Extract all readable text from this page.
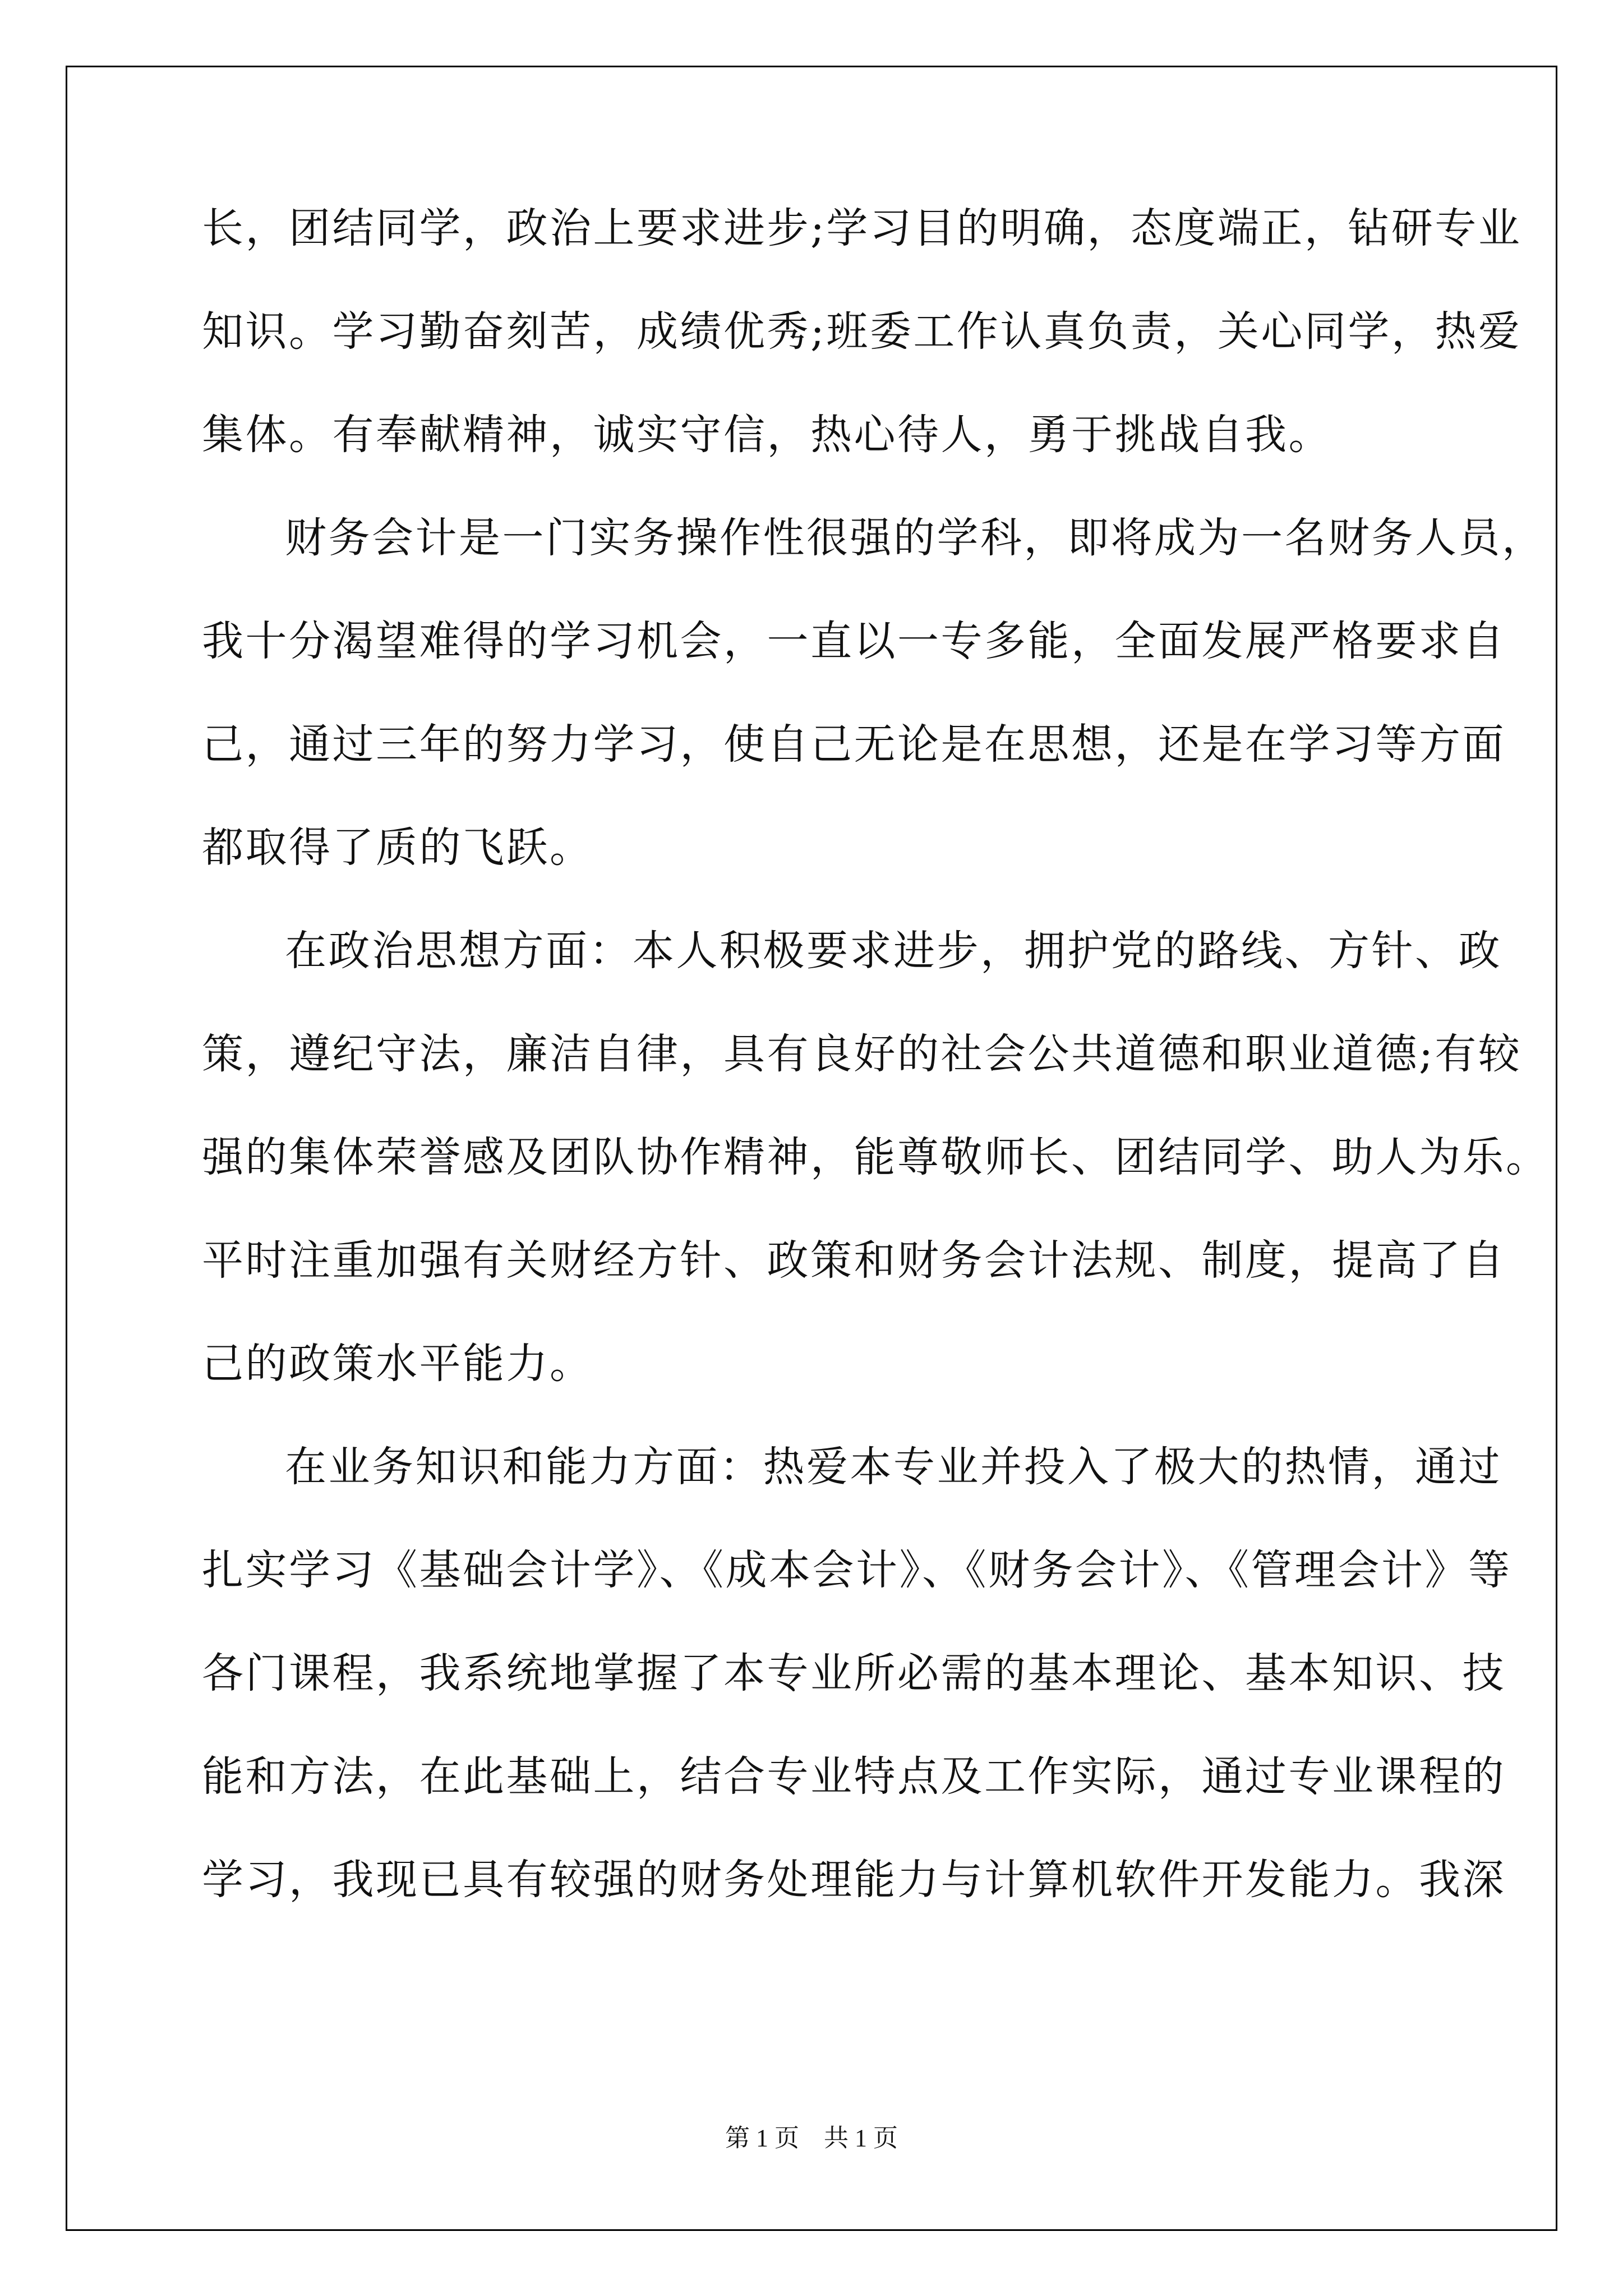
长，团结同学，政治上要求进步;学习目的明确，态度端正，钻研专业
知识。学习勤奋刻苦，成绩优秀;班委工作认真负责，关心同学，热爱
集体。有奉献精神，诚实守信，热心待人，勇于挑战自我。
财务会计是一门实务操作性很强的学科，即将成为一名财务人员，
我十分渴望难得的学习机会，一直以一专多能，全面发展严格要求自
己，通过三年的努力学习，使自己无论是在思想，还是在学习等方面
都取得了质的飞跃。
在政治思想方面：本人积极要求进步，拥护党的路线、方针、政
策，遵纪守法，廉洁自律，具有良好的社会公共道德和职业道德;有较
强的集体荣誉感及团队协作精神，能尊敬师长、团结同学、助人为乐。
平时注重加强有关财经方针、政策和财务会计法规、制度，提高了自
己的政策水平能力。
在业务知识和能力方面：热爱本专业并投入了极大的热情，通过
扎实学习《基础会计学》、《成本会计》、《财务会计》、《管理会计》等
各门课程，我系统地掌握了本专业所必需的基本理论、基本知识、技
能和方法，在此基础上，结合专业特点及工作实际，通过专业课程的
学习，我现已具有较强的财务处理能力与计算机软件开发能力。我深
第 1 页　共 1 页
